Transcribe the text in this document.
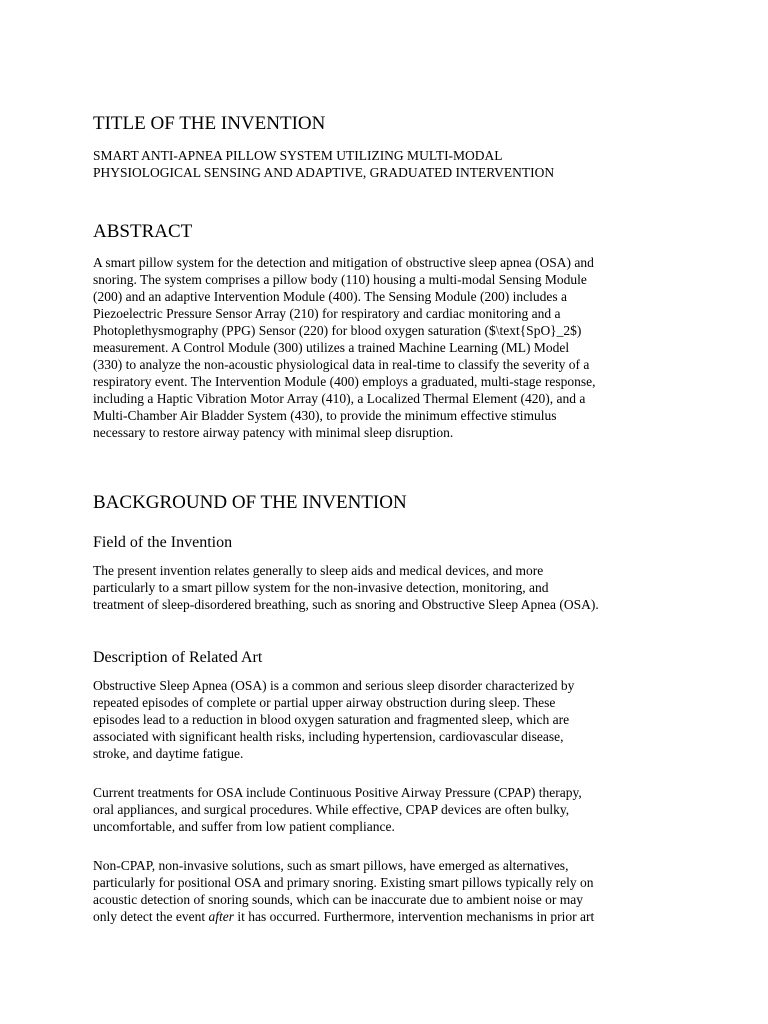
TITLE OF THE INVENTION
SMART ANTI-APNEA PILLOW SYSTEM UTILIZING MULTI-MODAL
PHYSIOLOGICAL SENSING AND ADAPTIVE, GRADUATED INTERVENTION
ABSTRACT
A smart pillow system for the detection and mitigation of obstructive sleep apnea (OSA) and
snoring. The system comprises a pillow body (110) housing a multi-modal Sensing Module
(200) and an adaptive Intervention Module (400). The Sensing Module (200) includes a
Piezoelectric Pressure Sensor Array (210) for respiratory and cardiac monitoring and a
Photoplethysmography (PPG) Sensor (220) for blood oxygen saturation ($\text{SpO}_2$)
measurement. A Control Module (300) utilizes a trained Machine Learning (ML) Model
(330) to analyze the non-acoustic physiological data in real-time to classify the severity of a
respiratory event. The Intervention Module (400) employs a graduated, multi-stage response,
including a Haptic Vibration Motor Array (410), a Localized Thermal Element (420), and a
Multi-Chamber Air Bladder System (430), to provide the minimum effective stimulus
necessary to restore airway patency with minimal sleep disruption.
BACKGROUND OF THE INVENTION
Field of the Invention
The present invention relates generally to sleep aids and medical devices, and more
particularly to a smart pillow system for the non-invasive detection, monitoring, and
treatment of sleep-disordered breathing, such as snoring and Obstructive Sleep Apnea (OSA).
Description of Related Art
Obstructive Sleep Apnea (OSA) is a common and serious sleep disorder characterized by
repeated episodes of complete or partial upper airway obstruction during sleep. These
episodes lead to a reduction in blood oxygen saturation and fragmented sleep, which are
associated with significant health risks, including hypertension, cardiovascular disease,
stroke, and daytime fatigue.
Current treatments for OSA include Continuous Positive Airway Pressure (CPAP) therapy,
oral appliances, and surgical procedures. While effective, CPAP devices are often bulky,
uncomfortable, and suffer from low patient compliance.
Non-CPAP, non-invasive solutions, such as smart pillows, have emerged as alternatives,
particularly for positional OSA and primary snoring. Existing smart pillows typically rely on
acoustic detection of snoring sounds, which can be inaccurate due to ambient noise or may
only detect the event after it has occurred. Furthermore, intervention mechanisms in prior art
